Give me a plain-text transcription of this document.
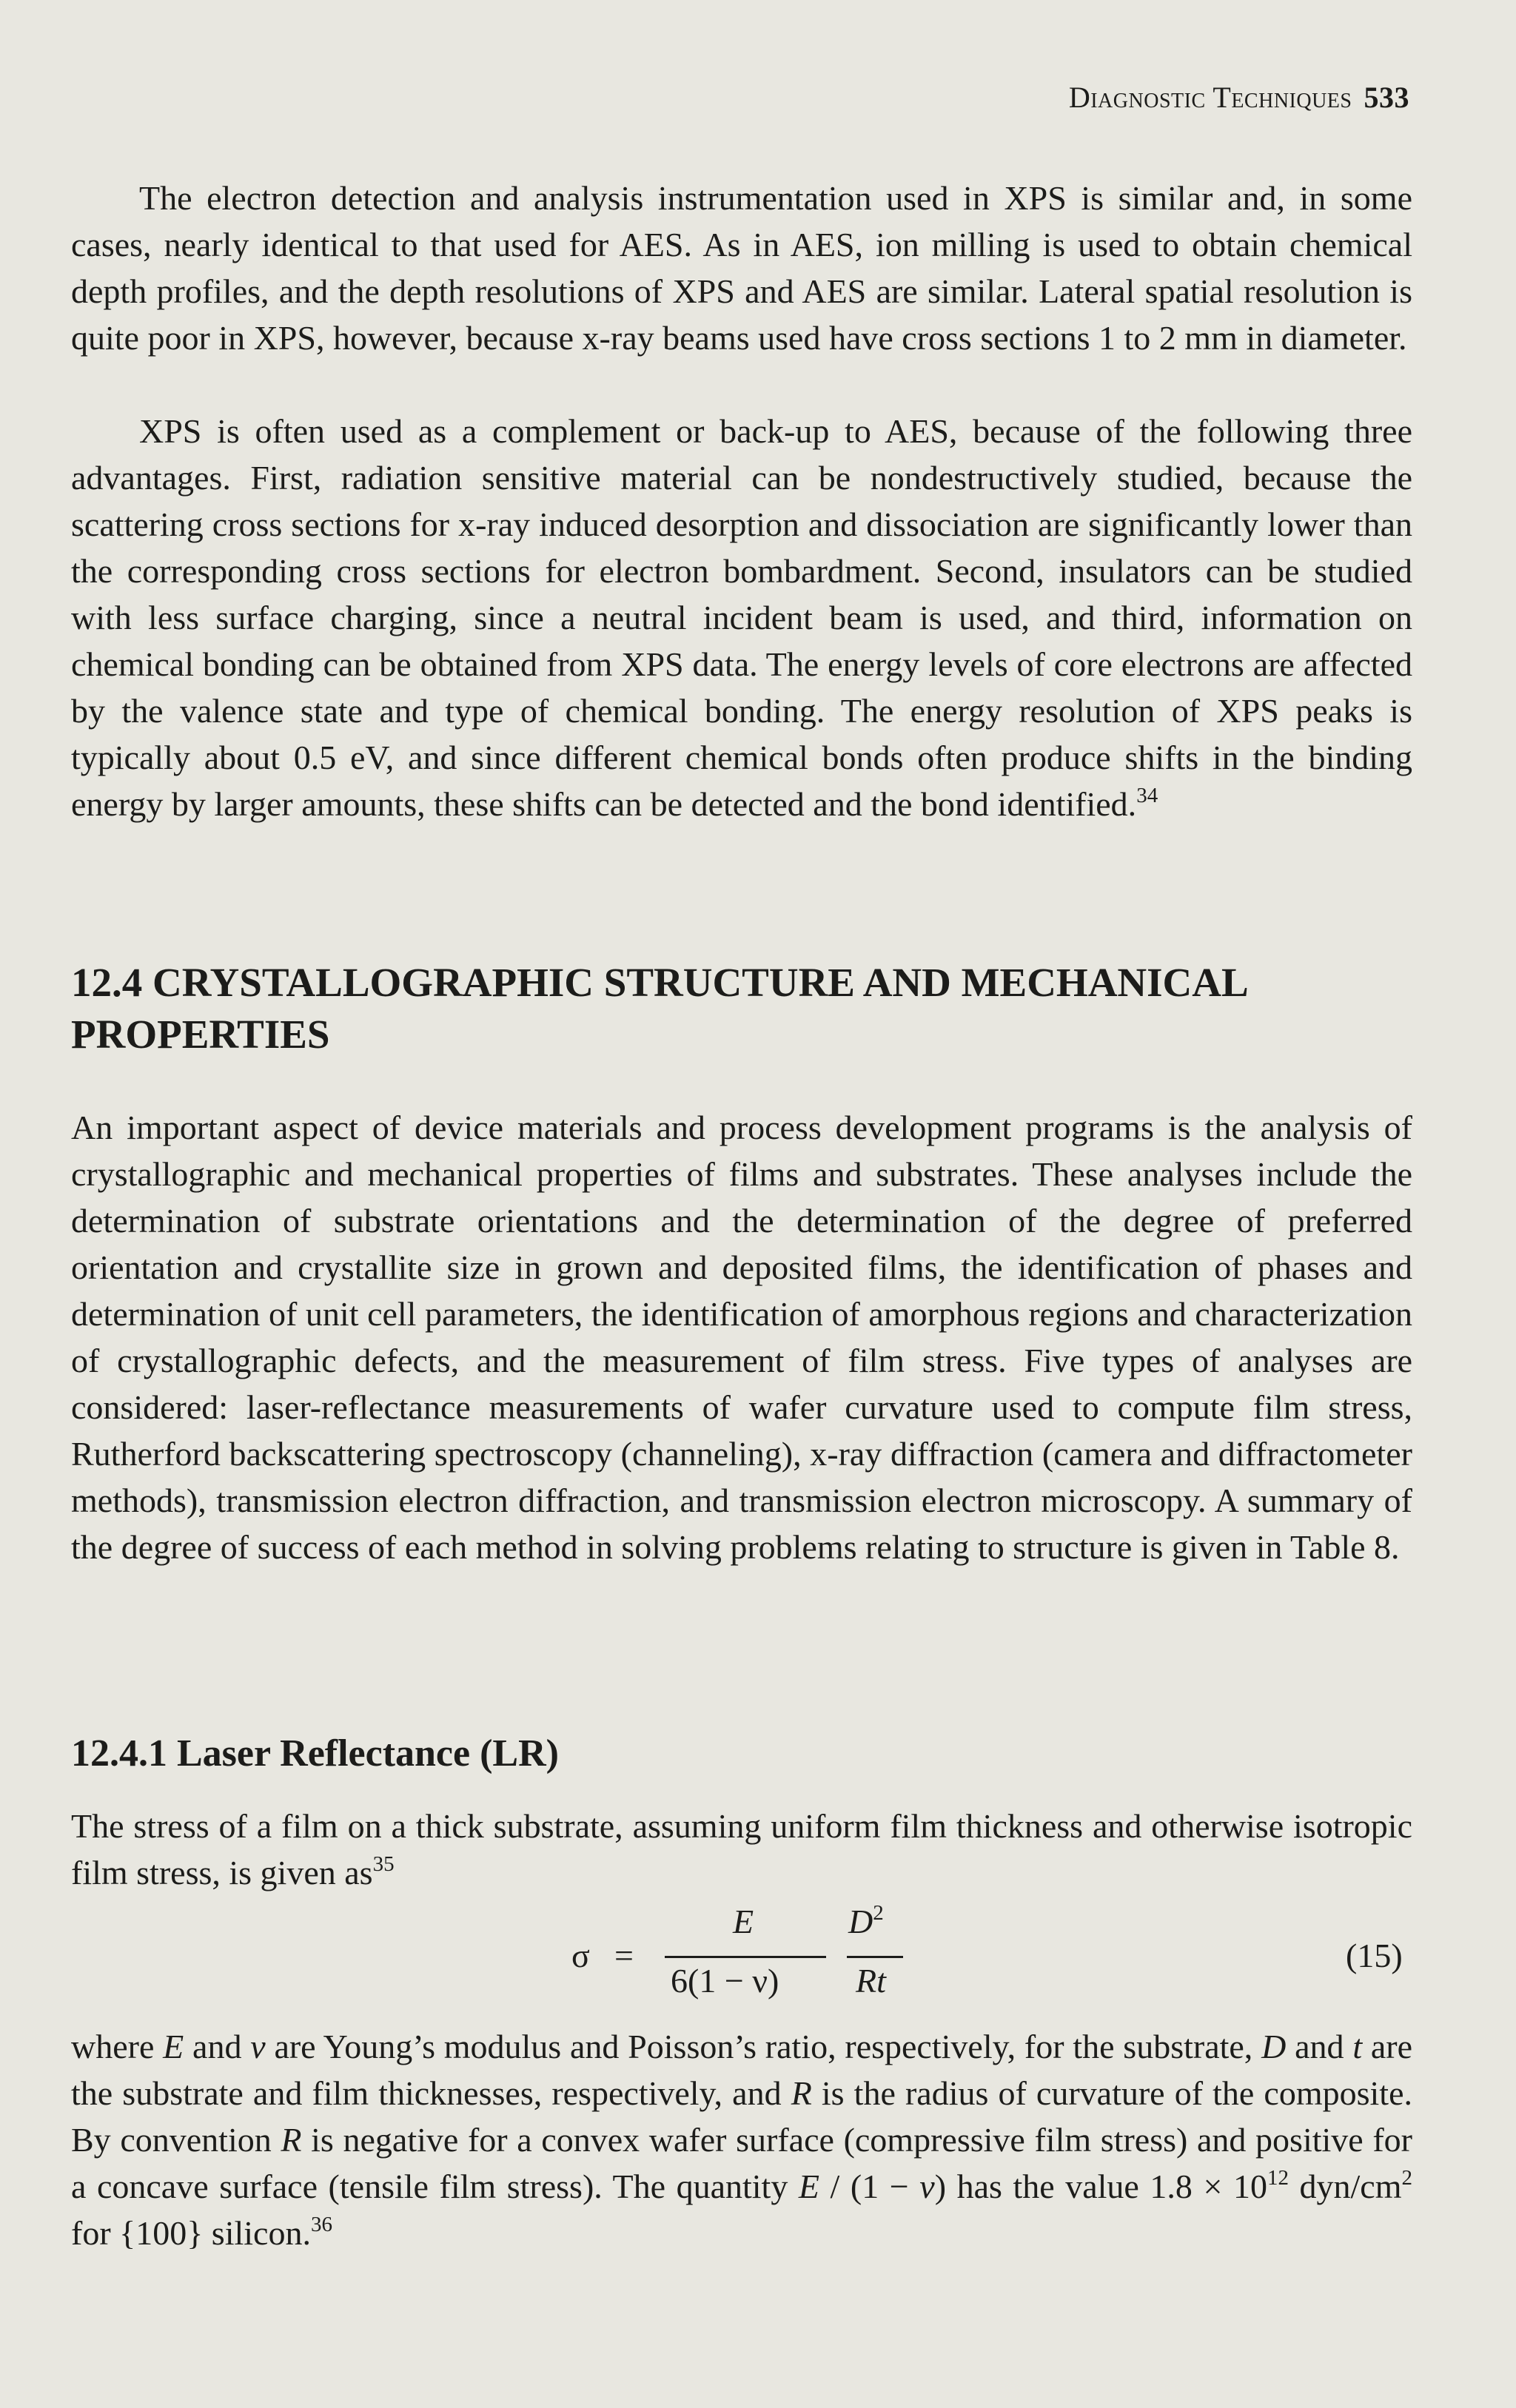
Diagnostic Techniques 533

The electron detection and analysis instrumentation used in XPS is similar and, in some cases, nearly identical to that used for AES. As in AES, ion milling is used to obtain chemical depth profiles, and the depth resolutions of XPS and AES are similar. Lateral spatial resolution is quite poor in XPS, however, because x-ray beams used have cross sections 1 to 2 mm in diameter.

XPS is often used as a complement or back-up to AES, because of the following three advantages. First, radiation sensitive material can be nondestructively studied, because the scattering cross sections for x-ray induced desorption and dissociation are significantly lower than the corresponding cross sections for electron bombardment. Second, insulators can be studied with less surface charging, since a neutral incident beam is used, and third, information on chemical bonding can be obtained from XPS data. The energy levels of core electrons are affected by the valence state and type of chemical bonding. The energy resolution of XPS peaks is typically about 0.5 eV, and since different chemical bonds often produce shifts in the binding energy by larger amounts, these shifts can be detected and the bond identified.$^{34}$

12.4 CRYSTALLOGRAPHIC STRUCTURE AND MECHANICAL PROPERTIES

An important aspect of device materials and process development programs is the analysis of crystallographic and mechanical properties of films and substrates. These analyses include the determination of substrate orientations and the determination of the degree of preferred orientation and crystallite size in grown and deposited films, the identification of phases and determination of unit cell parameters, the identification of amorphous regions and characterization of crystallographic defects, and the measurement of film stress. Five types of analyses are considered: laser-reflectance measurements of wafer curvature used to compute film stress, Rutherford backscattering spectroscopy (channeling), x-ray diffraction (camera and diffractometer methods), transmission electron diffraction, and transmission electron microscopy. A summary of the degree of success of each method in solving problems relating to structure is given in Table 8.

12.4.1 Laser Reflectance (LR)

The stress of a film on a thick substrate, assuming uniform film thickness and otherwise isotropic film stress, is given $as^{35}$

σ =
E
6(1 − ν)
$D^2$
Rt
(15)

where E and ν are Young’s modulus and Poisson’s ratio, respectively, for the substrate, D and t are the substrate and film thicknesses, respectively, and R is the radius of curvature of the composite. By convention R is negative for a convex wafer surface (compressive film stress) and positive for a concave surface (tensile film stress). The quantity E / (1 − ν) has the value $1.8 \times 10^{12}$ dyn/$cm^2$ for {100} silicon.$^{36}$
